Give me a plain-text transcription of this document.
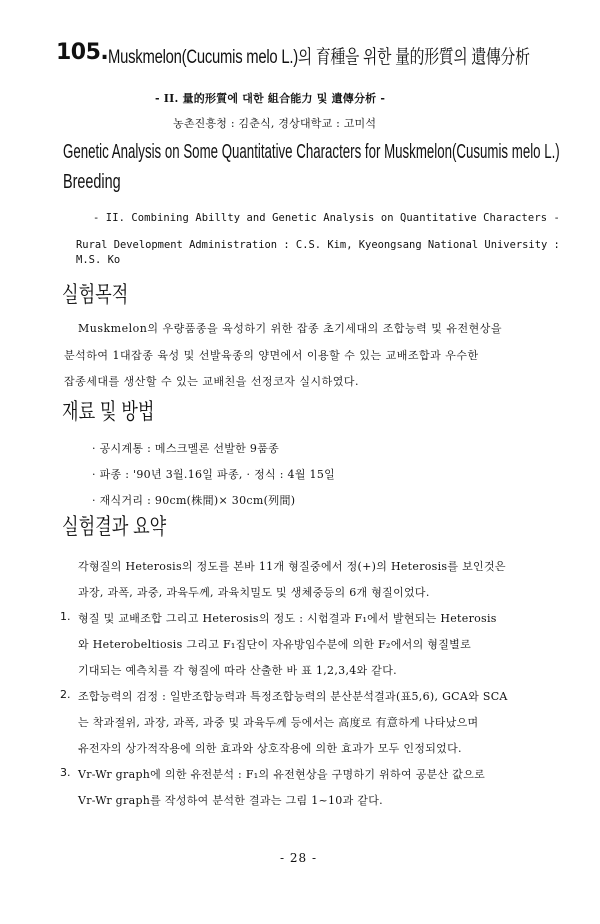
105. Muskmelon(Cucumis melo L.)의 育種을 위한 量的形質의 遺傳分析
- II. 量的形質에 대한 組合能力 및 遺傳分析 -
농촌진흥청 : 김춘식, 경상대학교 : 고미석
Genetic Analysis on Some Quantitative Characters for Muskmelon(Cusumis melo L.)
Breeding
- II. Combining Abillty and Genetic Analysis on Quantitative Characters -
Rural Development Administration : C.S. Kim, Kyeongsang National University :
M.S. Ko
실험목적
Muskmelon의 우량품종을 육성하기 위한 잡종 초기세대의 조합능력 및 유전현상을
분석하여 1대잡종 육성 및 선발육종의 양면에서 이용할 수 있는 교배조합과 우수한
잡종세대를 생산할 수 있는 교배친을 선정코자 실시하였다.
재료 및 방법
· 공시계통 : 메스크멜론 선발한 9품종
· 파종 : '90년 3월.16일 파종, · 정식 : 4월 15일
· 재식거리 : 90cm(株間)× 30cm(列間)
실험결과 요약
각형질의 Heterosis의 정도를 본바 11개 형질중에서 정(+)의 Heterosis를 보인것은
과장, 과폭, 과중, 과육두께, 과육치밀도 및 생체중등의 6개 형질이었다.
1. 형질 및 교배조합 그리고 Heterosis의 정도 : 시험결과 F₁에서 발현되는 Heterosis
와 Heterobeltiosis 그리고 F₁집단이 자유방임수분에 의한 F₂에서의 형질별로
기대되는 예측치를 각 형질에 따라 산출한 바 표 1,2,3,4와 같다.
2. 조합능력의 검정 : 일반조합능력과 특정조합능력의 분산분석결과(표5,6), GCA와 SCA
는 착과절위, 과장, 과폭, 과중 및 과육두께 등에서는 高度로 有意하게 나타났으며
유전자의 상가적작용에 의한 효과와 상호작용에 의한 효과가 모두 인정되었다.
3. Vr-Wr graph에 의한 유전분석 : F₁의 유전현상을 구명하기 위하여 공분산 값으로
Vr-Wr graph를 작성하여 분석한 결과는 그림 1~10과 같다.
- 28 -
